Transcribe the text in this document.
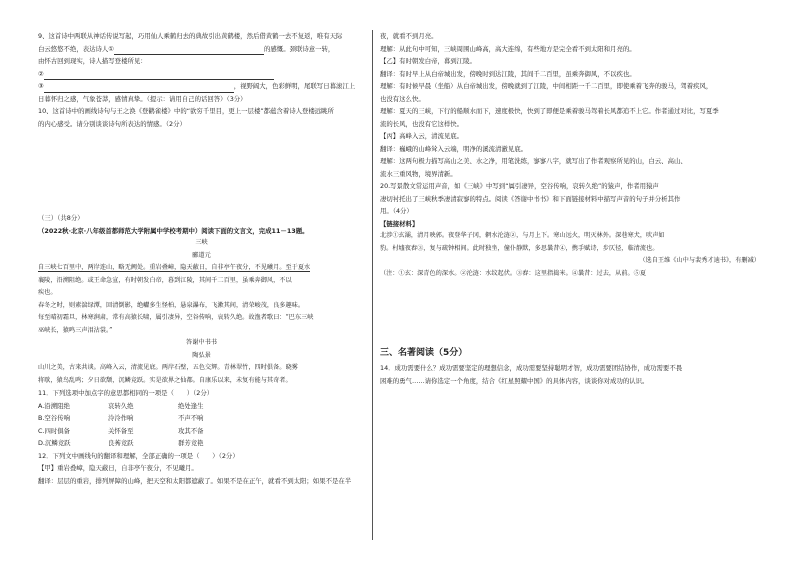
9、这首诗中两联从神话传说写起，巧用仙人乘鹤归去的典故引出黄鹤楼，然后借黄鹤一去不复返，唯有天际
白云悠悠不绝，表达诗人①	的感慨。颈联诗意一转，
由怀古回到现实，诗人描写登楼所见：
②
③	，视野阔大，色彩鲜明，尾联写日暮滚江上
日暮怀归之感，气象苍莽，感情真挚。（提示：请用自己的话回答）（3分）
10、这首诗中的画线诗句与王之涣《登鹳雀楼》中的“欲穷千里目，更上一层楼”都蕴含着诗人登楼远眺所
的内心感受。请分别谈谈诗句所表达的情感。（2分）
（三）（共8分）
（2022秋·北京·八年级首都师范大学附属中学校考期中）阅读下面的文言文，完成11－13题。
三峡
郦道元
自三峡七百里中，两岸连山，略无阙处。重岩叠嶂，隐天蔽日，自非亭午夜分，不见曦月。至于夏水
襄陵，沿溯阻绝。或王命急宣，有时朝发白帝，暮到江陵，其间千二百里，虽乘奔御风，不以
疾也。
春冬之时，则素湍绿潭，回清倒影，绝巘多生怪柏，悬泉瀑布，飞漱其间，清荣峻茂，良多趣味。
每至晴初霜旦，林寒涧肃，常有高猿长啸，属引凄异，空谷传响，哀转久绝。故渔者歌曰：“巴东三峡
巫峡长，猿鸣三声泪沾裳。”
答谢中书书
陶弘景
山川之美，古来共谈。高峰入云，清流见底。两岸石壁，五色交辉。青林翠竹，四时俱备。晓雾
将歇，猿鸟乱鸣；夕日欲颓，沉鳞竞跃。实是欲界之仙都。自康乐以来，未复有能与其奇者。
11．下列选项中加点字的意思都相同的一项是（　　）（2分）
A.沿溯阻绝	哀转久绝	绝处逢生
B.空谷传响	泠泠作响	不声不响
C.四时俱备	关怀备至	攻其不备
D.沉鳞竞跃	良莠竞跃	群芳竞艳
12．下列文中画线句的翻译和理解，全部正确的一项是（　　）（2分）
【甲】重岩叠嶂，隐天蔽日，自非亭午夜分，不见曦月。
翻译：层层的重岩，排列屏障的山峰，把天空和太阳都遮蔽了。如果不是在正午，就看不到太阳；如果不是在半
夜，就看不到月亮。
理解：从此句中可知，三峡周围山峰高，高大连绵，有些地方是完全看不到太阳和月亮的。
【乙】有时朝发白帝，暮到江陵。
翻译：有时早上从白帝城出发，傍晚时到达江陵，其间千二百里，虽乘奔御风，不以疾也。
理解：有时候早晨（坐船）从白帝城出发，傍晚就到了江陵，中间相距一千二百里，即使乘着飞奔的骏马，驾着疾风，
也没有这么快。
理解：夏天的三峡，下行的船顺水而下，速度极快，快到了即便是乘着骏马驾着长风都追不上它。作者通过对比，写夏季
流的长风，也没有它这样快。
【丙】高峰入云，清流见底。
翻译：巍峨的山峰耸入云端，明净的溪流清澈见底。
理解：这两句极力描写高山之美、水之净，用笔洗练，寥寥八字，就写出了作者观察所见的山，白云、高山、
流水三重风物，境界清新。
20.写景散文常运用声音，如《三峡》中写到“属引凄异，空谷传响，哀转久绝”的猿声，作者用猿声
凄切衬托出了三峡秋季凄清寂寥的特点。阅读《答谢中书书》和下面链接材料中描写声音的句子并分析其作
用。（4分）
【链接材料】
北涉①玄灞，清月映郭。夜登华子冈，辋水沦涟②，与月上下。寒山远火，明灭林外。深巷寒犬，吠声如
豹。村墟夜舂③，复与疏钟相间。此时独坐，僮仆静默，多思曩昔④，携手赋诗，步仄径，临清流也。
（选自王维《山中与裴秀才迪书》，有删减）
（注：①玄：深青色的深水。②沦涟：水纹起伏。③舂：这里指捣米。④曩昔：过去，从前。⑤夏
三、名著阅读（5分）
14．成功需要什么？成功需要坚定的理想信念，成功需要坚持聪明才智，成功需要团结协作，成功需要不畏
困难的勇气……请你选定一个角度，结合《红星照耀中国》的具体内容，谈谈你对成功的认识。
